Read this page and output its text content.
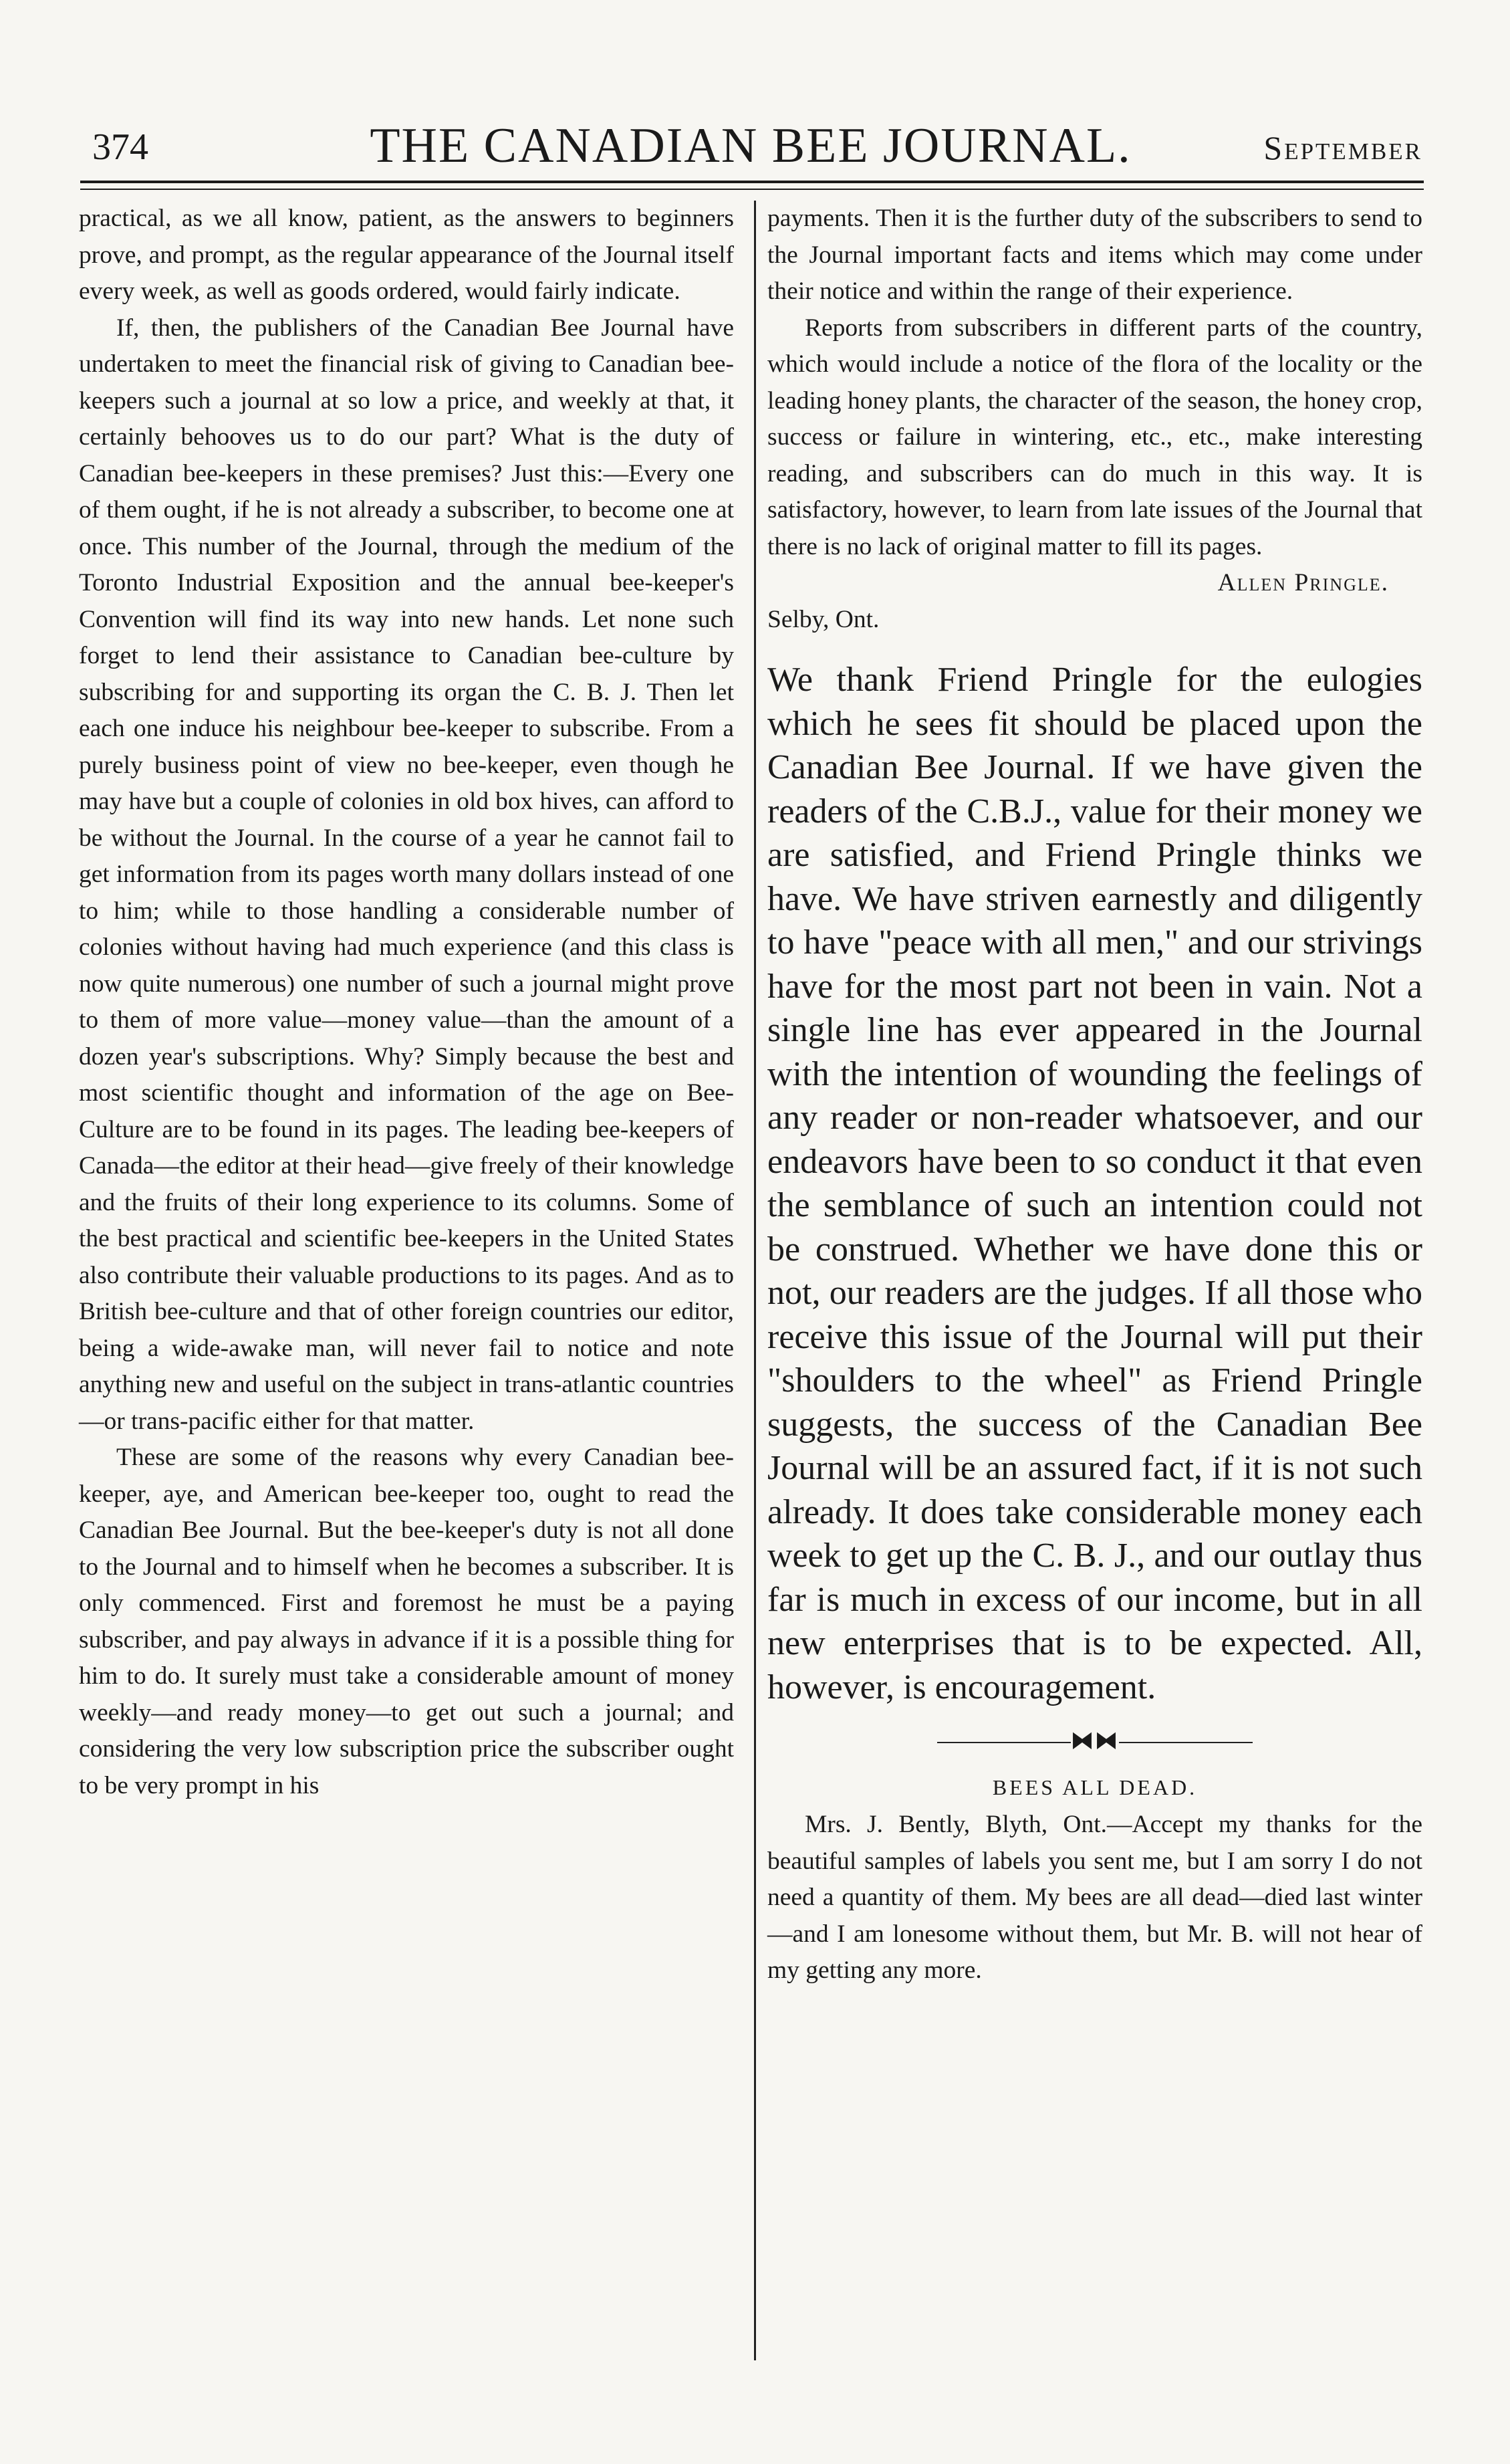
374	THE CANADIAN BEE JOURNAL.	September

practical, as we all know, patient, as the answers to beginners prove, and prompt, as the regular appearance of the Journal itself every week, as well as goods ordered, would fairly indicate.

If, then, the publishers of the Canadian Bee Journal have undertaken to meet the financial risk of giving to Canadian bee-keepers such a journal at so low a price, and weekly at that, it certainly behooves us to do our part? What is the duty of Canadian bee-keepers in these premises? Just this:—Every one of them ought, if he is not already a subscriber, to become one at once. This number of the Journal, through the medium of the Toronto Industrial Exposition and the annual bee-keeper's Convention will find its way into new hands. Let none such forget to lend their assistance to Canadian bee-culture by subscribing for and supporting its organ the C. B. J. Then let each one induce his neighbour bee-keeper to subscribe. From a purely business point of view no bee-keeper, even though he may have but a couple of colonies in old box hives, can afford to be without the Journal. In the course of a year he cannot fail to get information from its pages worth many dollars instead of one to him; while to those handling a considerable number of colonies without having had much experience (and this class is now quite numerous) one number of such a journal might prove to them of more value—money value—than the amount of a dozen year's subscriptions. Why? Simply because the best and most scientific thought and information of the age on Bee-Culture are to be found in its pages. The leading bee-keepers of Canada—the editor at their head—give freely of their knowledge and the fruits of their long experience to its columns. Some of the best practical and scientific bee-keepers in the United States also contribute their valuable productions to its pages. And as to British bee-culture and that of other foreign countries our editor, being a wide-awake man, will never fail to notice and note anything new and useful on the subject in trans-atlantic countries—or trans-pacific either for that matter.

These are some of the reasons why every Canadian bee-keeper, aye, and American bee-keeper too, ought to read the Canadian Bee Journal. But the bee-keeper's duty is not all done to the Journal and to himself when he becomes a subscriber. It is only commenced. First and foremost he must be a paying subscriber, and pay always in advance if it is a possible thing for him to do. It surely must take a considerable amount of money weekly—and ready money—to get out such a journal; and considering the very low subscription price the subscriber ought to be very prompt in his

payments. Then it is the further duty of the subscribers to send to the Journal important facts and items which may come under their notice and within the range of their experience.

Reports from subscribers in different parts of the country, which would include a notice of the flora of the locality or the leading honey plants, the character of the season, the honey crop, success or failure in wintering, etc., etc., make interesting reading, and subscribers can do much in this way. It is satisfactory, however, to learn from late issues of the Journal that there is no lack of original matter to fill its pages.

Allen Pringle.

Selby, Ont.

We thank Friend Pringle for the eulogies which he sees fit should be placed upon the Canadian Bee Journal. If we have given the readers of the C.B.J., value for their money we are satisfied, and Friend Pringle thinks we have. We have striven earnestly and diligently to have "peace with all men," and our strivings have for the most part not been in vain. Not a single line has ever appeared in the Journal with the intention of wounding the feelings of any reader or non-reader whatsoever, and our endeavors have been to so conduct it that even the semblance of such an intention could not be construed. Whether we have done this or not, our readers are the judges. If all those who receive this issue of the Journal will put their "shoulders to the wheel" as Friend Pringle suggests, the success of the Canadian Bee Journal will be an assured fact, if it is not such already. It does take considerable money each week to get up the C. B. J., and our outlay thus far is much in excess of our income, but in all new enterprises that is to be expected. All, however, is encouragement.

⧓⧓
BEES ALL DEAD.

Mrs. J. Bently, Blyth, Ont.—Accept my thanks for the beautiful samples of labels you sent me, but I am sorry I do not need a quantity of them. My bees are all dead—died last winter—and I am lonesome without them, but Mr. B. will not hear of my getting any more.
